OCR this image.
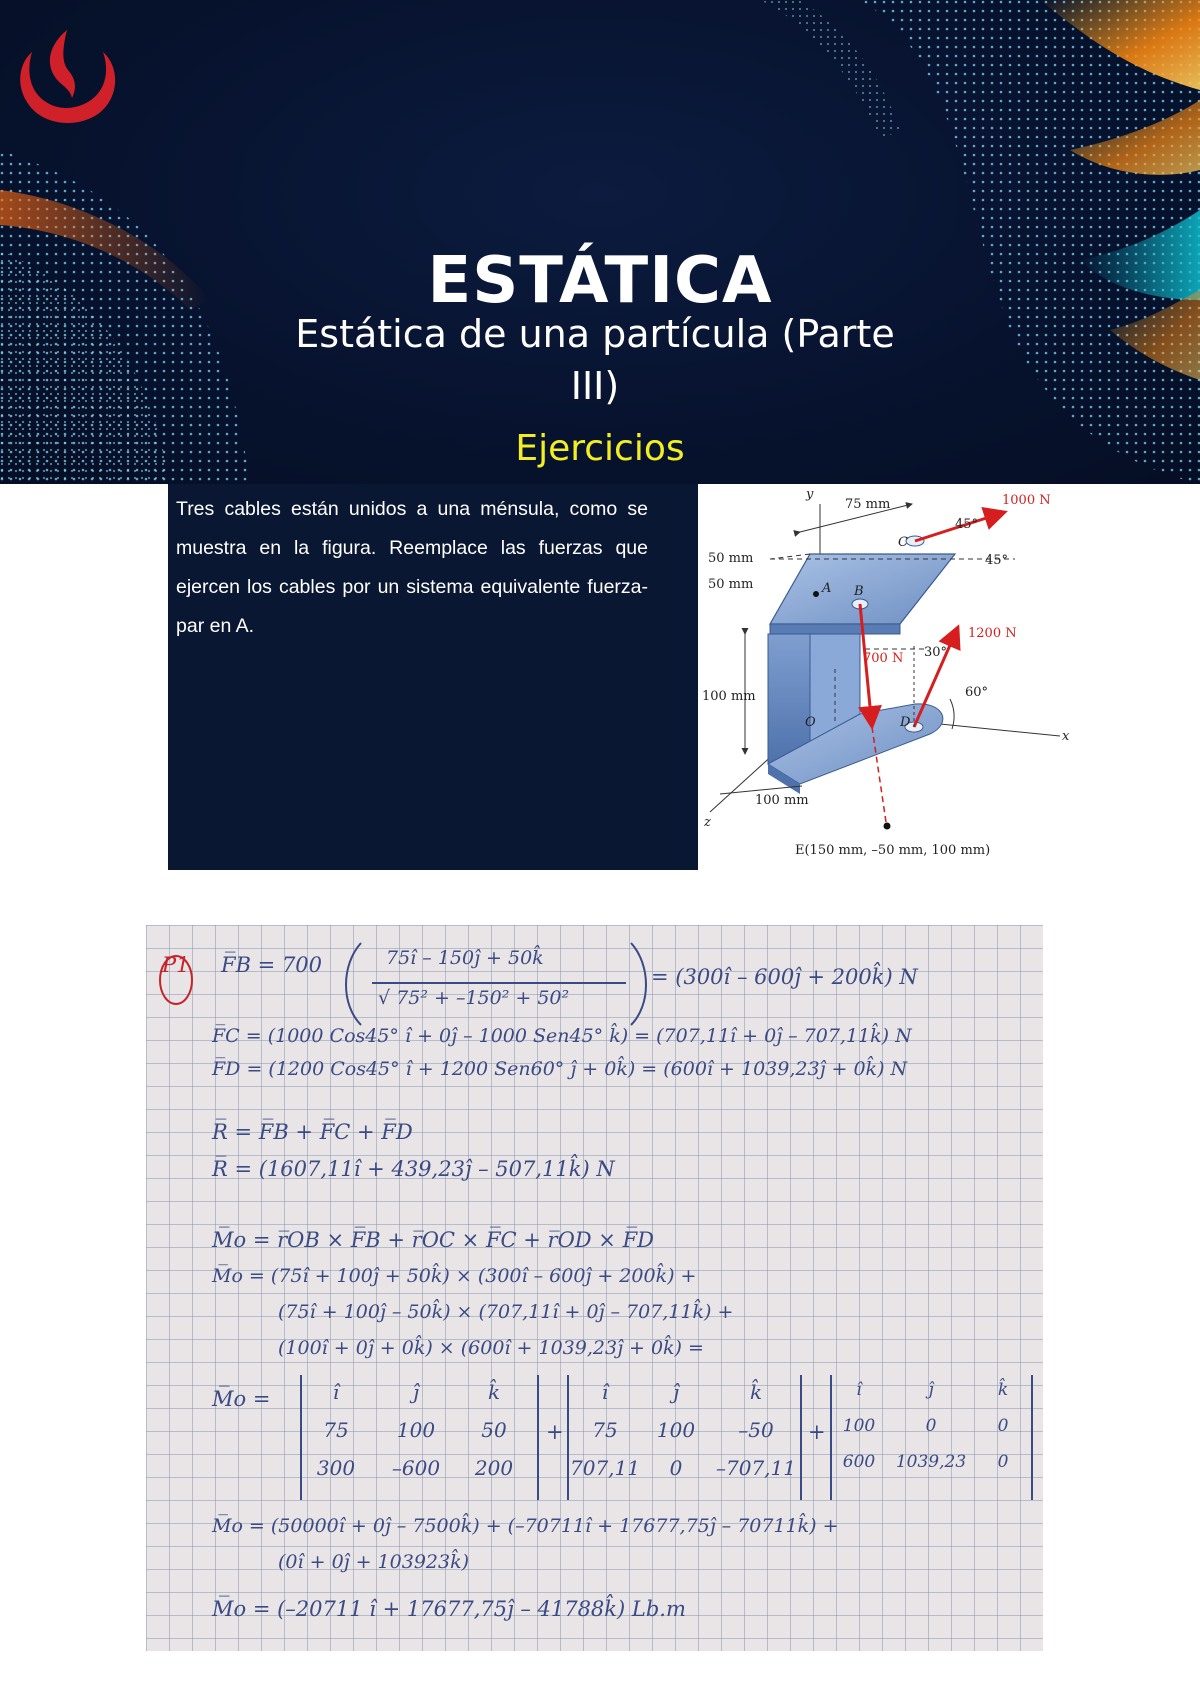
ESTÁTICA
Estática de una partícula (Parte III)
Ejercicios
Tres cables están unidos a una ménsula, como se muestra en la figura. Reemplace las fuerzas que ejercen los cables por un sistema equivalente fuerza-par en A.
y
x
z
75 mm
50 mm
50 mm
100 mm
100 mm
1000 N
45°
45°
1200 N
30°
60°
700 N
A B
C
D
O
E(150 mm, –50 mm, 100 mm)
P1 F̅B = 700	75î – 150ĵ + 50k̂
√ 75² + –150² + 50²
= (300î – 600ĵ + 200k̂) N
F̅C = (1000 Cos45° î + 0ĵ – 1000 Sen45° k̂) = (707,11î + 0ĵ – 707,11k̂) N
F̅D = (1200 Cos45° î + 1200 Sen60° ĵ + 0k̂) = (600î + 1039,23ĵ + 0k̂) N
R̅ = F̅B + F̅C + F̅D
R̅ = (1607,11î + 439,23ĵ – 507,11k̂) N
M̅o = r̅OB × F̅B + r̅OC × F̅C + r̅OD × F̅D
M̅o = (75î + 100ĵ + 50k̂) × (300î – 600ĵ + 200k̂) +
(75î + 100ĵ – 50k̂) × (707,11î + 0ĵ – 707,11k̂) +
(100î + 0ĵ + 0k̂) × (600î + 1039,23ĵ + 0k̂) =
M̅o =	î
75
300
ĵ
100
–600
k̂
50
200
+
î
75
707,11
ĵ
100
0
k̂
–50
–707,11
+
î
100
600
ĵ
0
1039,23
k̂
0
0
M̅o = (50000î + 0ĵ – 7500k̂) + (–70711î + 17677,75ĵ – 70711k̂) +
(0î + 0ĵ + 103923k̂)
M̅o = (–20711 î + 17677,75ĵ – 41788k̂) Lb.m
